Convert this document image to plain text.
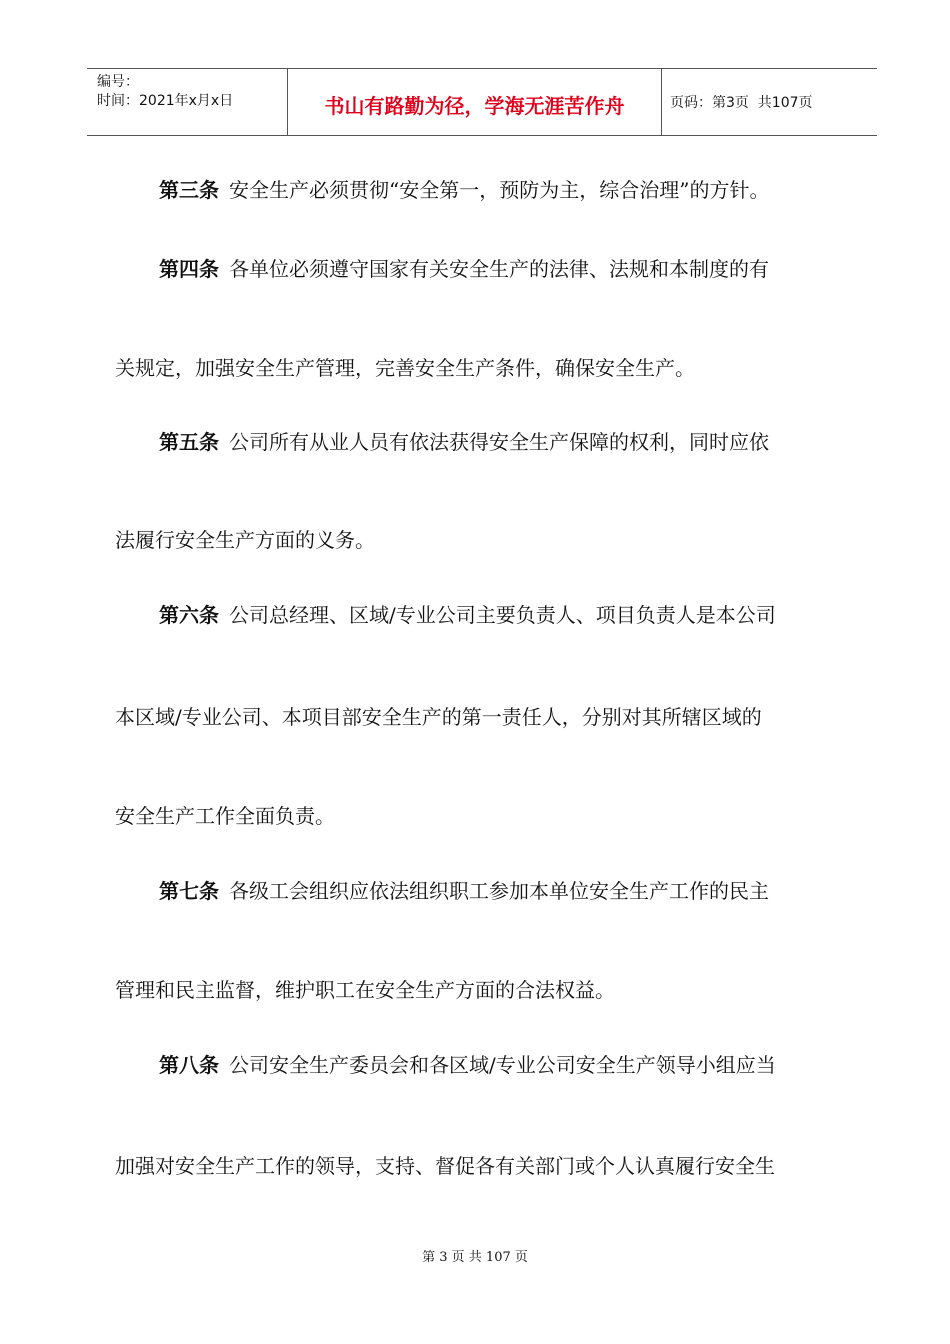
编号：
时间：2021年x月x日	书山有路勤为径，学海无涯苦作舟	页码：第3页  共107页
第三条 安全生产必须贯彻“安全第一，预防为主，综合治理”的方针。
第四条 各单位必须遵守国家有关安全生产的法律、法规和本制度的有
关规定，加强安全生产管理，完善安全生产条件，确保安全生产。
第五条 公司所有从业人员有依法获得安全生产保障的权利，同时应依
法履行安全生产方面的义务。
第六条 公司总经理、区域/专业公司主要负责人、项目负责人是本公司
本区域/专业公司、本项目部安全生产的第一责任人，分别对其所辖区域的
安全生产工作全面负责。
第七条 各级工会组织应依法组织职工参加本单位安全生产工作的民主
管理和民主监督，维护职工在安全生产方面的合法权益。
第八条 公司安全生产委员会和各区域/专业公司安全生产领导小组应当
加强对安全生产工作的领导，支持、督促各有关部门或个人认真履行安全生
第 3 页 共 107 页
